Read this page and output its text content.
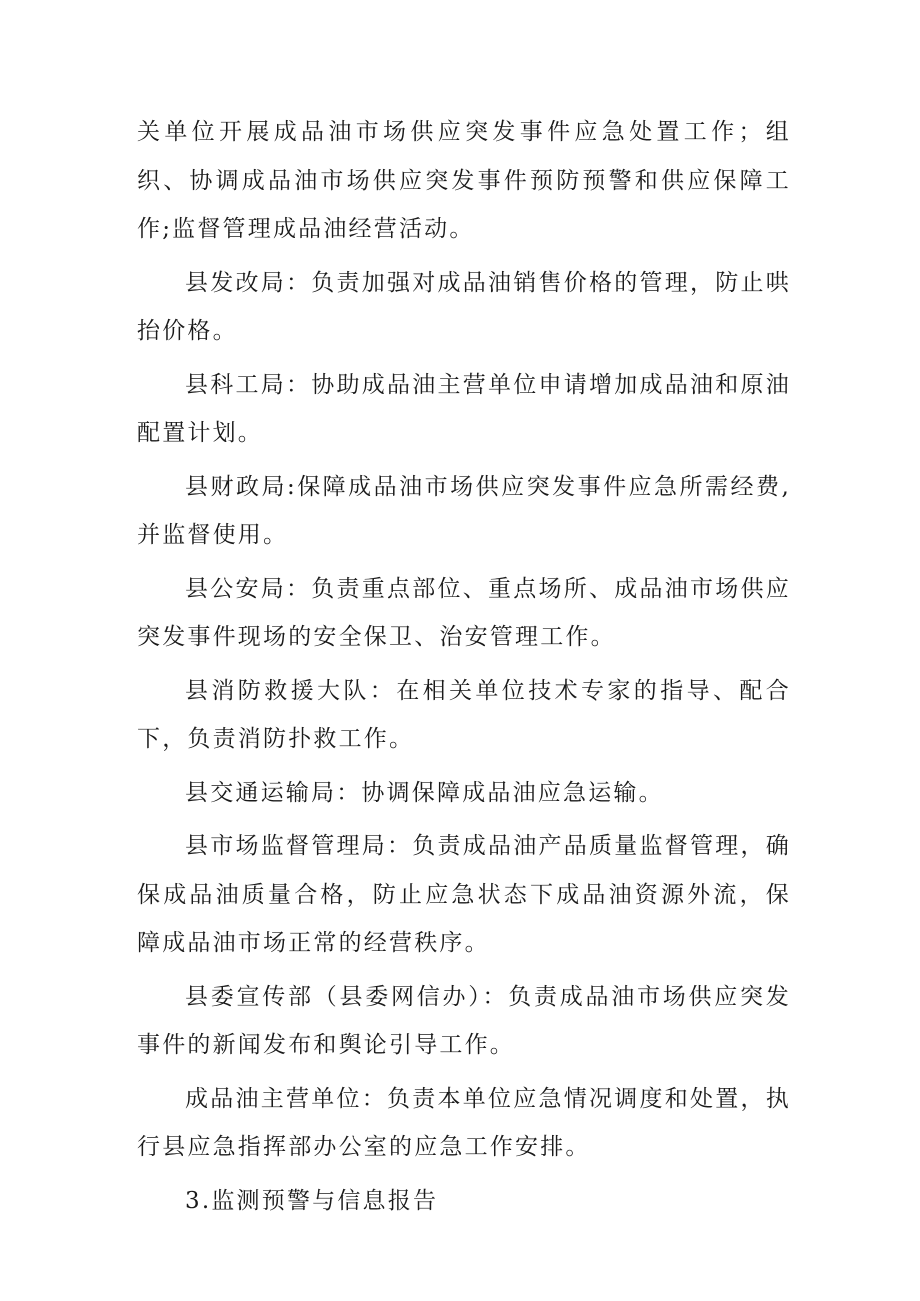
关单位开展成品油市场供应突发事件应急处置工作；组织、协调成品油市场供应突发事件预防预警和供应保障工作;监督管理成品油经营活动。

县发改局：负责加强对成品油销售价格的管理，防止哄抬价格。

县科工局：协助成品油主营单位申请增加成品油和原油配置计划。

县财政局:保障成品油市场供应突发事件应急所需经费,并监督使用。

县公安局：负责重点部位、重点场所、成品油市场供应突发事件现场的安全保卫、治安管理工作。

县消防救援大队：在相关单位技术专家的指导、配合下，负责消防扑救工作。

县交通运输局：协调保障成品油应急运输。

县市场监督管理局：负责成品油产品质量监督管理，确保成品油质量合格，防止应急状态下成品油资源外流，保障成品油市场正常的经营秩序。

县委宣传部（县委网信办）：负责成品油市场供应突发事件的新闻发布和舆论引导工作。

成品油主营单位：负责本单位应急情况调度和处置，执行县应急指挥部办公室的应急工作安排。

3.监测预警与信息报告
